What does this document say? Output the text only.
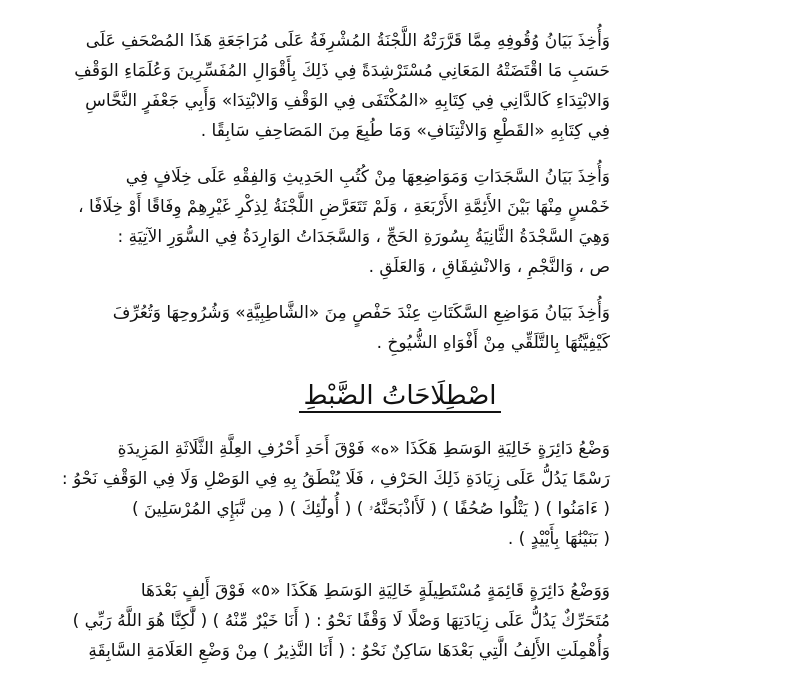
وَأُخِذَ بَيَانُ وُقُوفِهِ مِمَّا قَرَّرَتْهُ اللَّجْنَةُ المُشْرِفَةُ عَلَى مُرَاجَعَةِ هَذَا المُصْحَفِ عَلَى
حَسَبِ مَا اقْتَضَتْهُ المَعَانِي مُسْتَرْشِدَةً فِي ذَلِكَ بِأَقْوَالِ المُفَسِّرِينَ وَعُلَمَاءِ الوَقْفِ
وَالابْتِدَاءِ كَالدَّانِي فِي كِتَابِهِ «المُكْتَفَى فِي الوَقْفِ وَالابْتِدَا» وَأَبِي جَعْفَرٍ النَّحَّاسِ
فِي كِتَابِهِ «القَطْعِ وَالائْتِنَافِ» وَمَا طُبِعَ مِنَ المَصَاحِفِ سَابِقًا .
وَأُخِذَ بَيَانُ السَّجَدَاتِ وَمَوَاضِعِهَا مِنْ كُتُبِ الحَدِيثِ وَالفِقْهِ عَلَى خِلَافٍ فِي
خَمْسٍ مِنْهَا بَيْنَ الأَئِمَّةِ الأَرْبَعَةِ ، وَلَمْ تَتَعَرَّضِ اللَّجْنَةُ لِذِكْرِ غَيْرِهِمْ وِفَاقًا أَوْ خِلَافًا ،
وَهِيَ السَّجْدَةُ الثَّانِيَةُ بِسُورَةِ الحَجِّ ، وَالسَّجَدَاتُ الوَارِدَةُ فِي السُّوَرِ الآتِيَةِ :
ص ، وَالنَّجْمِ ، وَالانْشِقَاقِ ، وَالعَلَقِ .
وَأُخِذَ بَيَانُ مَوَاضِعِ السَّكَتَاتِ عِنْدَ حَفْصٍ مِنَ «الشَّاطِبِيَّةِ» وَشُرُوحِهَا وَتُعُرِّفَ
كَيْفِيَّتُهَا بِالتَّلَقِّي مِنْ أَفْوَاهِ الشُّيُوخِ .
اصْطِلَاحَاتُ الضَّبْطِ
وَضْعُ دَائِرَةٍ خَالِيَةِ الوَسَطِ هَكَذَا «ه» فَوْقَ أَحَدِ أَحْرُفِ العِلَّةِ الثَّلَاثَةِ المَزِيدَةِ
رَسْمًا يَدُلُّ عَلَى زِيَادَةِ ذَلِكَ الحَرْفِ ، فَلَا يُنْطَقُ بِهِ فِي الوَصْلِ وَلَا فِي الوَقْفِ نَحْوُ :
( ءَامَنُوا ) ( يَتْلُوا صُحُفًا ) ( لَأَاذْبَحَنَّهُۥ ) ( أُولَٰٓئِكَ ) ( مِن نَّبَإِي المُرْسَلِينَ )
( بَنَيْنَٰهَا بِأَيْيْدٍ ) .
وَوَضْعُ دَائِرَةٍ قَائِمَةٍ مُسْتَطِيلَةٍ خَالِيَةِ الوَسَطِ هَكَذَا «٥» فَوْقَ أَلِفٍ بَعْدَهَا
مُتَحَرِّكٌ يَدُلُّ عَلَى زِيَادَتِهَا وَصْلًا لَا وَقْفًا نَحْوُ : ( أَنَا خَيْرٌ مِّنْهُ ) ( لَّٰكِنَّا هُوَ اللَّهُ رَبِّي )
وَأُهْمِلَتِ الأَلِفُ الَّتِي بَعْدَهَا سَاكِنٌ نَحْوُ : ( أَنَا النَّذِيرُ ) مِنْ وَضْعِ العَلَامَةِ السَّابِقَةِ
